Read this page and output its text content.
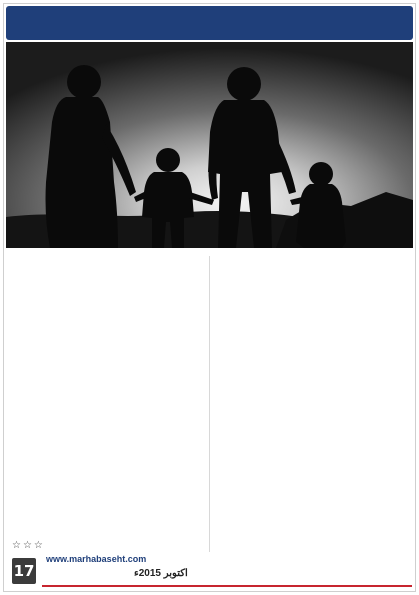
☆☆☆
17
www.marhabaseht.com
اکتوبر 2015ء
